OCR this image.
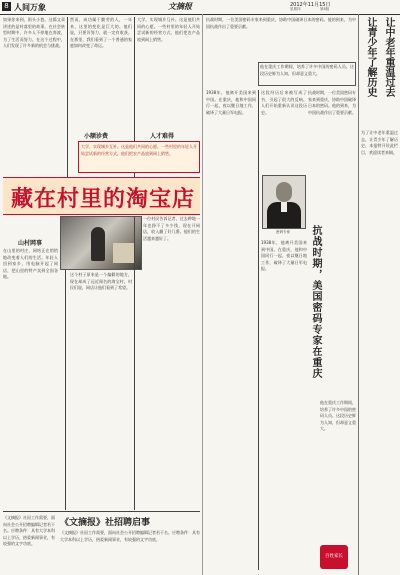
8 人间万象	文摘报	2012年11月15日
星期四	第8版
如果你来到，街头小巷。这篇文章讲述的是村落里的故事，在社会转型时期中，许多人不停地在奔波，为了生活而努力。在这个过程中，人们发现了许多新的机会与挑战。
然而，成功属于勤劳的人，一年来，这里的变化是巨大的。他们说，只要肯努力，就一定有收获。在那里，我们看到了一个普通的家庭如何改变了命运。
大学，实现城乡互补。这是他们共同的心愿。一些村里的年轻人开始尝试新的经营方式，他们把农产品放到网上销售。
小额诊费	人才难得
大学，实现城乡互补。这是他们共同的心愿。一些村里的年轻人开始尝试新的经营方式，他们把农产品放到网上销售。
藏在村里的淘宝店
山村网事
在山里的村庄，网络正在悄悄地改变着人们的生活。年轻人回到家乡，用电脑开起了网店，把山里的特产卖到全国各地。	这个村子原来是一个偏僻的地方，现在却成了远近闻名的淘宝村。村民们说，网店让他们看到了希望。
一位村民告诉记者，过去种地一年也挣不了多少钱，现在开网店，收入翻了好几番。他们的生活越来越好了。
《文摘报》社招聘启事
《文摘报》社因工作需要，面向社会公开招聘编辑记者若干名。应聘条件：具有大学本科以上学历，热爱新闻事业，有较强的文字功底。
《文摘报》社因工作需要，面向社会公开招聘编辑记者若干名。应聘条件：具有大学本科以上学历，热爱新闻事业，有较强的文字功底。
抗战时期，一位美国密码专家来到重庆，协助中国破译日本的密码。他的到来，为中国抗战作出了重要贡献。
他在重庆工作期间，培养了许多中国的密码人员。这段历史鲜为人知，但却意义重大。
1938年，他离开美国来到中国。在重庆，他和中国同行一起，夜以继日地工作，破译了大量日军电报。
这段经历后来被写成了书，引起了很大的反响。人们开始重新认识这段历史。
密码专家	抗战时期，美国密码专家在重庆
1938年，他离开美国来到中国。在重庆，他和中国同行一起，夜以继日地工作，破译了大量日军电报。
抗战时期，一位美国密码专家来到重庆，协助中国破译日本的密码。他的到来，为中国抗战作出了重要贡献。
他在重庆工作期间，培养了许多中国的密码人员。这段历史鲜为人知，但却意义重大。
百姓家长
让中老年重温过去
让青少年了解历史
为了让中老年重温过去，让青少年了解历史，本报特开设此栏目，欢迎读者来稿。
